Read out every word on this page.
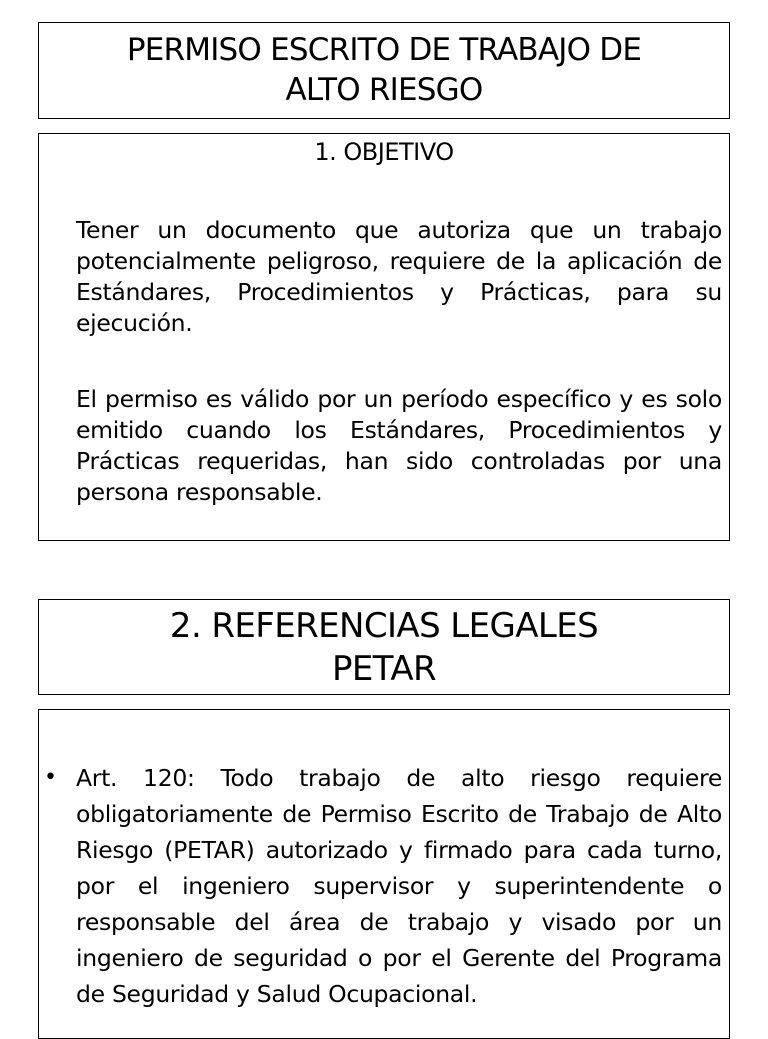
PERMISO ESCRITO DE TRABAJO DE
ALTO RIESGO
1. OBJETIVO
Tener un documento que autoriza que un trabajo potencialmente peligroso, requiere de la aplicación de Estándares, Procedimientos y Prácticas, para su ejecución.
El permiso es válido por un período específico y es solo emitido cuando los Estándares, Procedimientos y Prácticas requeridas, han sido controladas por una persona responsable.
2. REFERENCIAS LEGALES
PETAR
• Art. 120: Todo trabajo de alto riesgo requiere obligatoriamente de Permiso Escrito de Trabajo de Alto Riesgo (PETAR) autorizado y firmado para cada turno, por el ingeniero supervisor y superintendente o responsable del área de trabajo y visado por un ingeniero de seguridad o por el Gerente del Programa de Seguridad y Salud Ocupacional.
